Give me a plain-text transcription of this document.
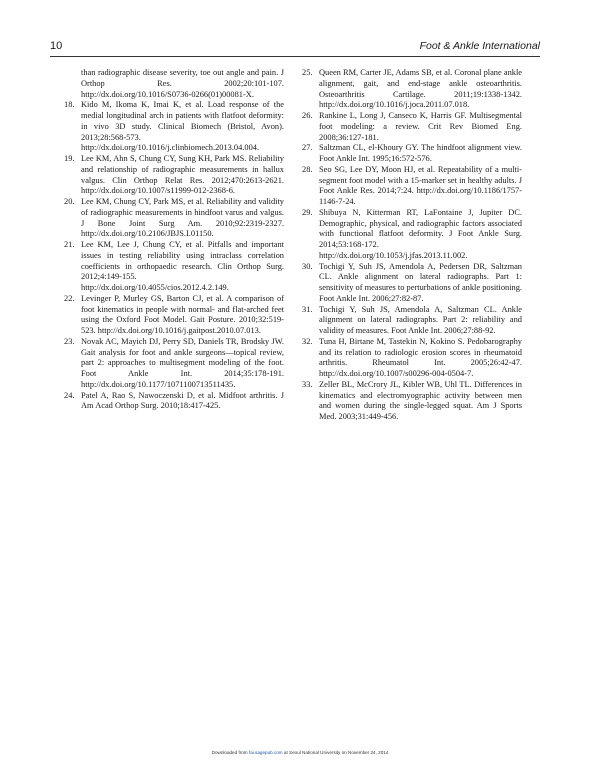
10	Foot & Ankle International
than radiographic disease severity, toe out angle and pain. J Orthop Res. 2002;20:101-107. http://dx.doi.org/10.1016/S0736-0266(01)00081-X.
18. Kido M, Ikoma K, Imai K, et al. Load response of the medial longitudinal arch in patients with flatfoot deformity: in vivo 3D study. Clinical Biomech (Bristol, Avon). 2013;28:568-573. http://dx.doi.org/10.1016/j.clinbiomech.2013.04.004.
19. Lee KM, Ahn S, Chung CY, Sung KH, Park MS. Reliability and relationship of radiographic measurements in hallux valgus. Clin Orthop Relat Res. 2012;470:2613-2621. http://dx.doi.org/10.1007/s11999-012-2368-6.
20. Lee KM, Chung CY, Park MS, et al. Reliability and validity of radiographic measurements in hindfoot varus and valgus. J Bone Joint Surg Am. 2010;92:2319-2327. http://dx.doi.org/10.2106/JBJS.I.01150.
21. Lee KM, Lee J, Chung CY, et al. Pitfalls and important issues in testing reliability using intraclass correlation coefficients in orthopaedic research. Clin Orthop Surg. 2012;4:149-155. http://dx.doi.org/10.4055/cios.2012.4.2.149.
22. Levinger P, Murley GS, Barton CJ, et al. A comparison of foot kinematics in people with normal- and flat-arched feet using the Oxford Foot Model. Gait Posture. 2010;32:519-523. http://dx.doi.org/10.1016/j.gaitpost.2010.07.013.
23. Novak AC, Mayich DJ, Perry SD, Daniels TR, Brodsky JW. Gait analysis for foot and ankle surgeons—topical review, part 2: approaches to multisegment modeling of the foot. Foot Ankle Int. 2014;35:178-191. http://dx.doi.org/10.1177/1071100713511435.
24. Patel A, Rao S, Nawoczenski D, et al. Midfoot arthritis. J Am Acad Orthop Surg. 2010;18:417-425.
25. Queen RM, Carter JE, Adams SB, et al. Coronal plane ankle alignment, gait, and end-stage ankle osteoarthritis. Osteoarthritis Cartilage. 2011;19:1338-1342. http://dx.doi.org/10.1016/j.joca.2011.07.018.
26. Rankine L, Long J, Canseco K, Harris GF. Multisegmental foot modeling: a review. Crit Rev Biomed Eng. 2008;36:127-181.
27. Saltzman CL, el-Khoury GY. The hindfoot alignment view. Foot Ankle Int. 1995;16:572-576.
28. Seo SG, Lee DY, Moon HJ, et al. Repeatability of a multi-segment foot model with a 15-marker set in healthy adults. J Foot Ankle Res. 2014;7:24. http://dx.doi.org/10.1186/1757-1146-7-24.
29. Shibuya N, Kitterman RT, LaFontaine J, Jupiter DC. Demographic, physical, and radiographic factors associated with functional flatfoot deformity. J Foot Ankle Surg. 2014;53:168-172. http://dx.doi.org/10.1053/j.jfas.2013.11.002.
30. Tochigi Y, Suh JS, Amendola A, Pedersen DR, Saltzman CL. Ankle alignment on lateral radiographs. Part 1: sensitivity of measures to perturbations of ankle positioning. Foot Ankle Int. 2006;27:82-87.
31. Tochigi Y, Suh JS, Amendola A, Saltzman CL. Ankle alignment on lateral radiographs. Part 2: reliability and validity of measures. Foot Ankle Int. 2006;27:88-92.
32. Tuna H, Birtane M, Tastekin N, Kokino S. Pedobarography and its relation to radiologic erosion scores in rheumatoid arthritis. Rheumatol Int. 2005;26:42-47. http://dx.doi.org/10.1007/s00296-004-0504-7.
33. Zeller BL, McCrory JL, Kibler WB, Uhl TL. Differences in kinematics and electromyographic activity between men and women during the single-legged squat. Am J Sports Med. 2003;31:449-456.
Downloaded from fai.sagepub.com at Seoul National University on November 24, 2014
